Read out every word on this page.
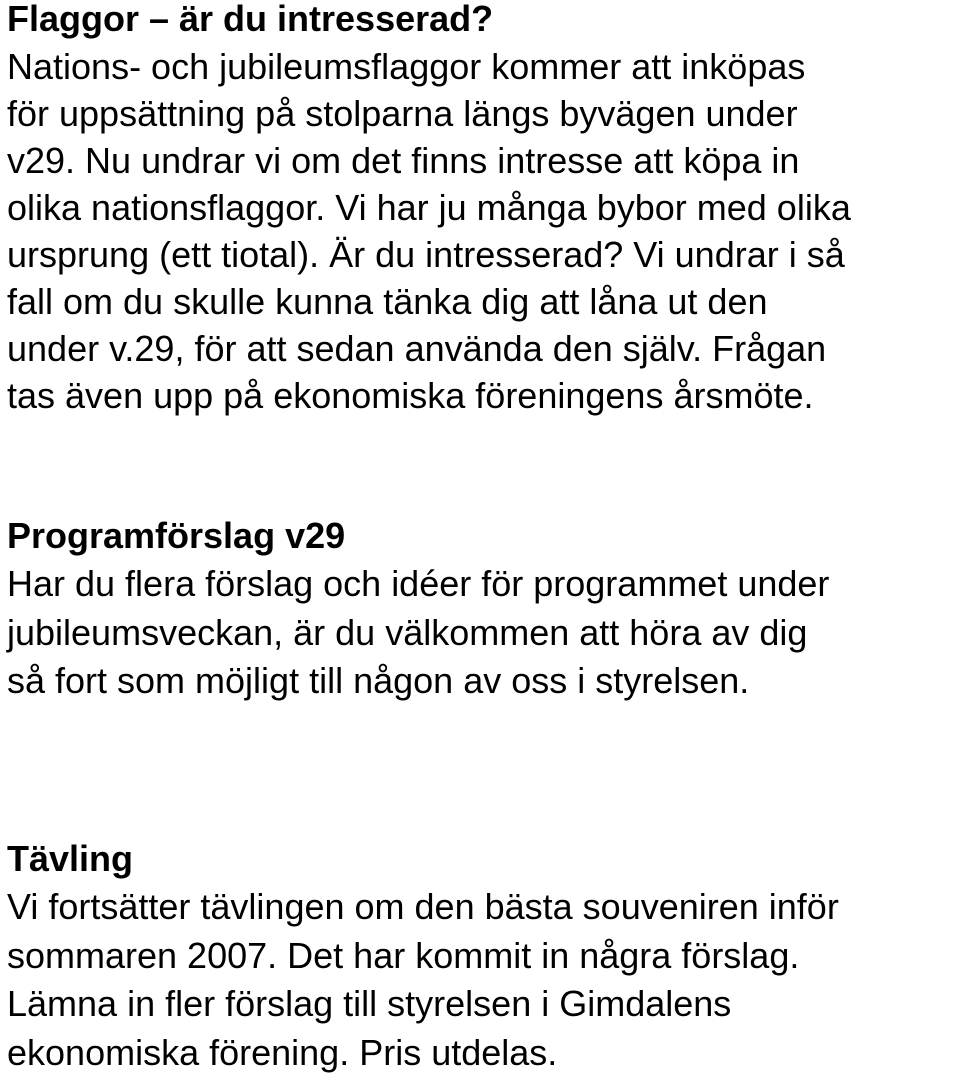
Flaggor – är du intresserad?

Nations- och jubileumsflaggor kommer att inköpas

för uppsättning på stolparna längs byvägen under

v29. Nu undrar vi om det finns intresse att köpa in

olika nationsflaggor. Vi har ju många bybor med olika

ursprung (ett tiotal). Är du intresserad? Vi undrar i så

fall om du skulle kunna tänka dig att låna ut den

under v.29, för att sedan använda den själv. Frågan

tas även upp på ekonomiska föreningens årsmöte.

Programförslag v29

Har du flera förslag och idéer för programmet under

jubileumsveckan, är du välkommen att höra av dig

så fort som möjligt till någon av oss i styrelsen.

Tävling

Vi fortsätter tävlingen om den bästa souveniren inför

sommaren 2007. Det har kommit in några förslag.

Lämna in fler förslag till styrelsen i Gimdalens

ekonomiska förening. Pris utdelas.
